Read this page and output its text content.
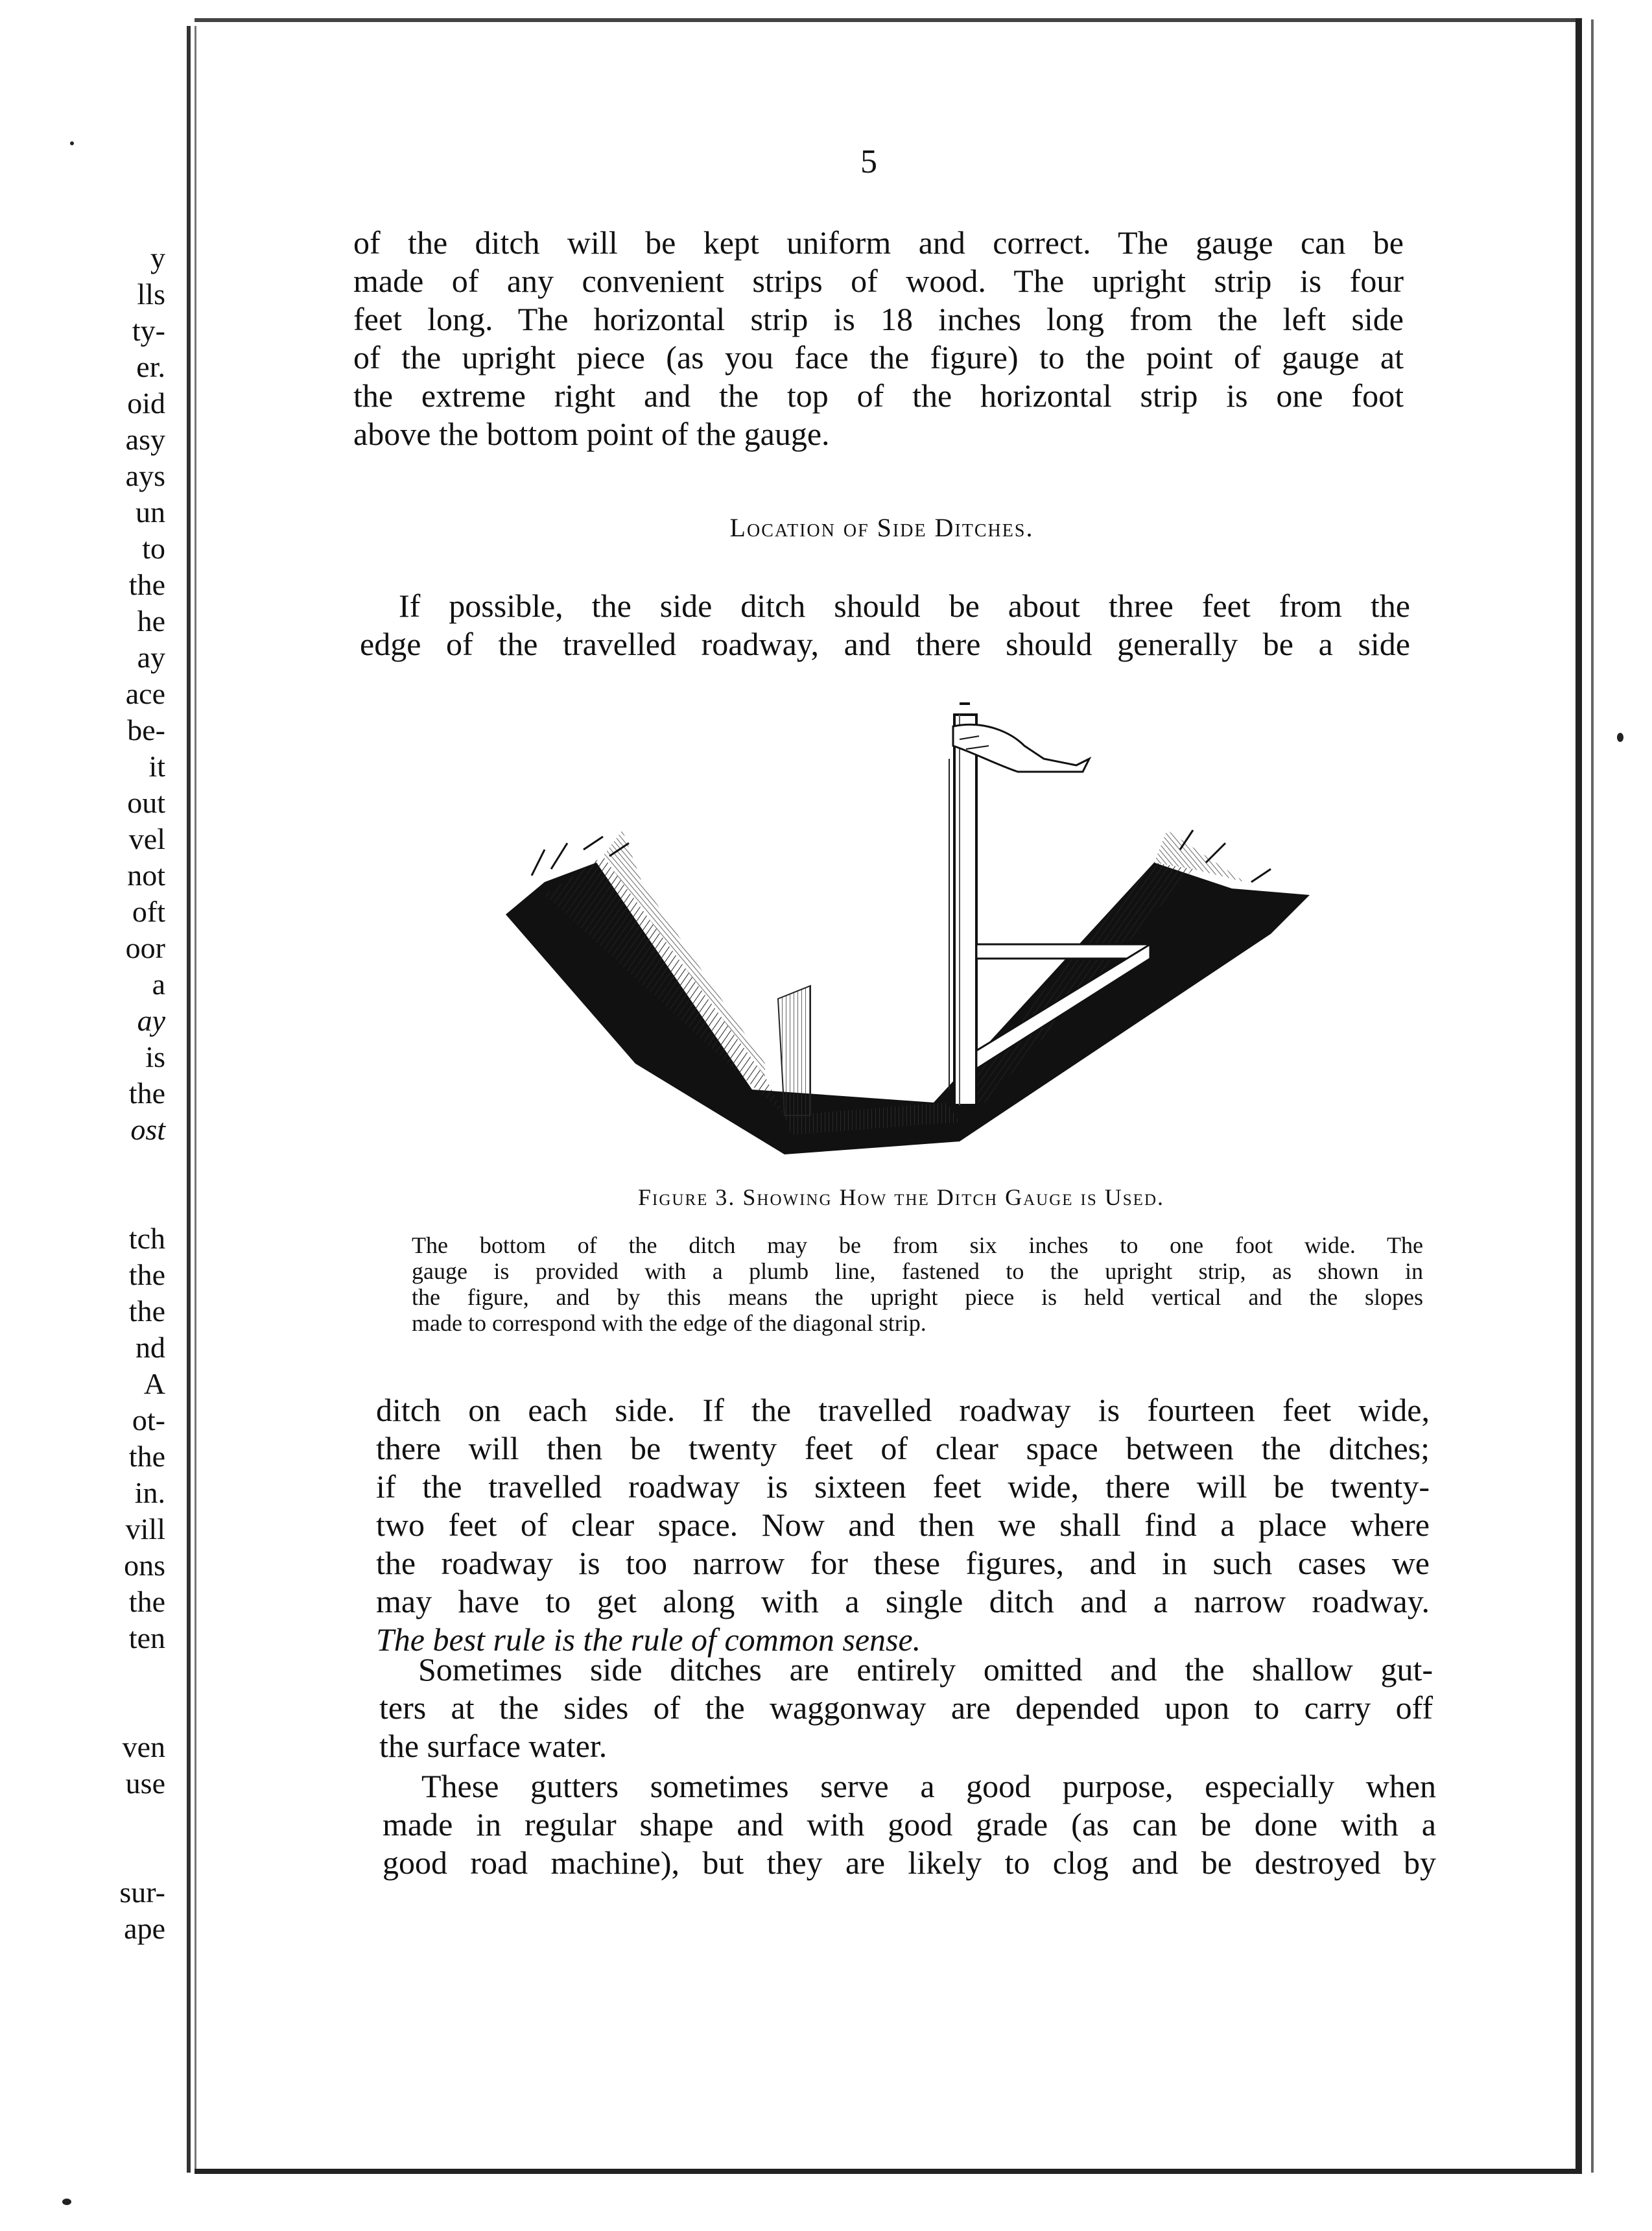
y
lls
ty-
er.
oid
asy
ays
un
to
the
he
ay
ace
be-
it
out
vel
not
oft
oor
a
ay
is
the
ost
tch
the
the
nd
A
ot-
the
in.
vill
ons
the
ten
ven
use
sur-
ape
5
of the ditch will be kept uniform and correct. The gauge can be
made of any convenient strips of wood. The upright strip is four
feet long. The horizontal strip is 18 inches long from the left side
of the upright piece (as you face the figure) to the point of gauge at
the extreme right and the top of the horizontal strip is one foot
above the bottom point of the gauge.
Location of Side Ditches.
If possible, the side ditch should be about three feet from the
edge of the travelled roadway, and there should generally be a side
Figure 3. Showing How the Ditch Gauge is Used.
The bottom of the ditch may be from six inches to one foot wide. The
gauge is provided with a plumb line, fastened to the upright strip, as shown in
the figure, and by this means the upright piece is held vertical and the slopes
made to correspond with the edge of the diagonal strip.
ditch on each side. If the travelled roadway is fourteen feet wide,
there will then be twenty feet of clear space between the ditches;
if the travelled roadway is sixteen feet wide, there will be twenty-
two feet of clear space. Now and then we shall find a place where
the roadway is too narrow for these figures, and in such cases we
may have to get along with a single ditch and a narrow roadway.
The best rule is the rule of common sense.
Sometimes side ditches are entirely omitted and the shallow gut-
ters at the sides of the waggonway are depended upon to carry off
the surface water.
These gutters sometimes serve a good purpose, especially when
made in regular shape and with good grade (as can be done with a
good road machine), but they are likely to clog and be destroyed by
